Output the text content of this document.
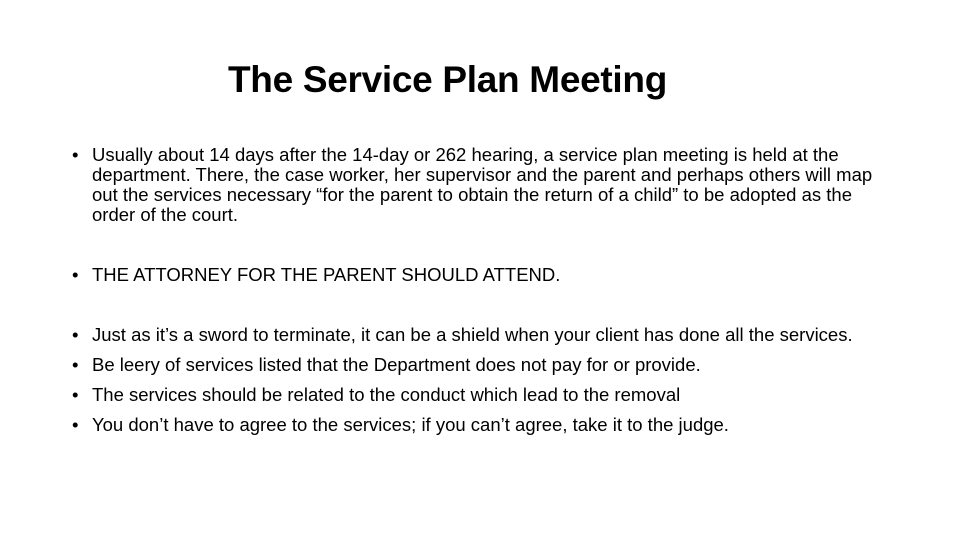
The Service Plan Meeting
• Usually about 14 days after the 14-day or 262 hearing, a service plan meeting is held at the department. There, the case worker, her supervisor and the parent and perhaps others will map out the services necessary “for the parent to obtain the return of a child” to be adopted as the order of the court.
• THE ATTORNEY FOR THE PARENT SHOULD ATTEND.
• Just as it’s a sword to terminate, it can be a shield when your client has done all the services.
• Be leery of services listed that the Department does not pay for or provide.
• The services should be related to the conduct which lead to the removal
• You don’t have to agree to the services; if you can’t agree, take it to the judge.
